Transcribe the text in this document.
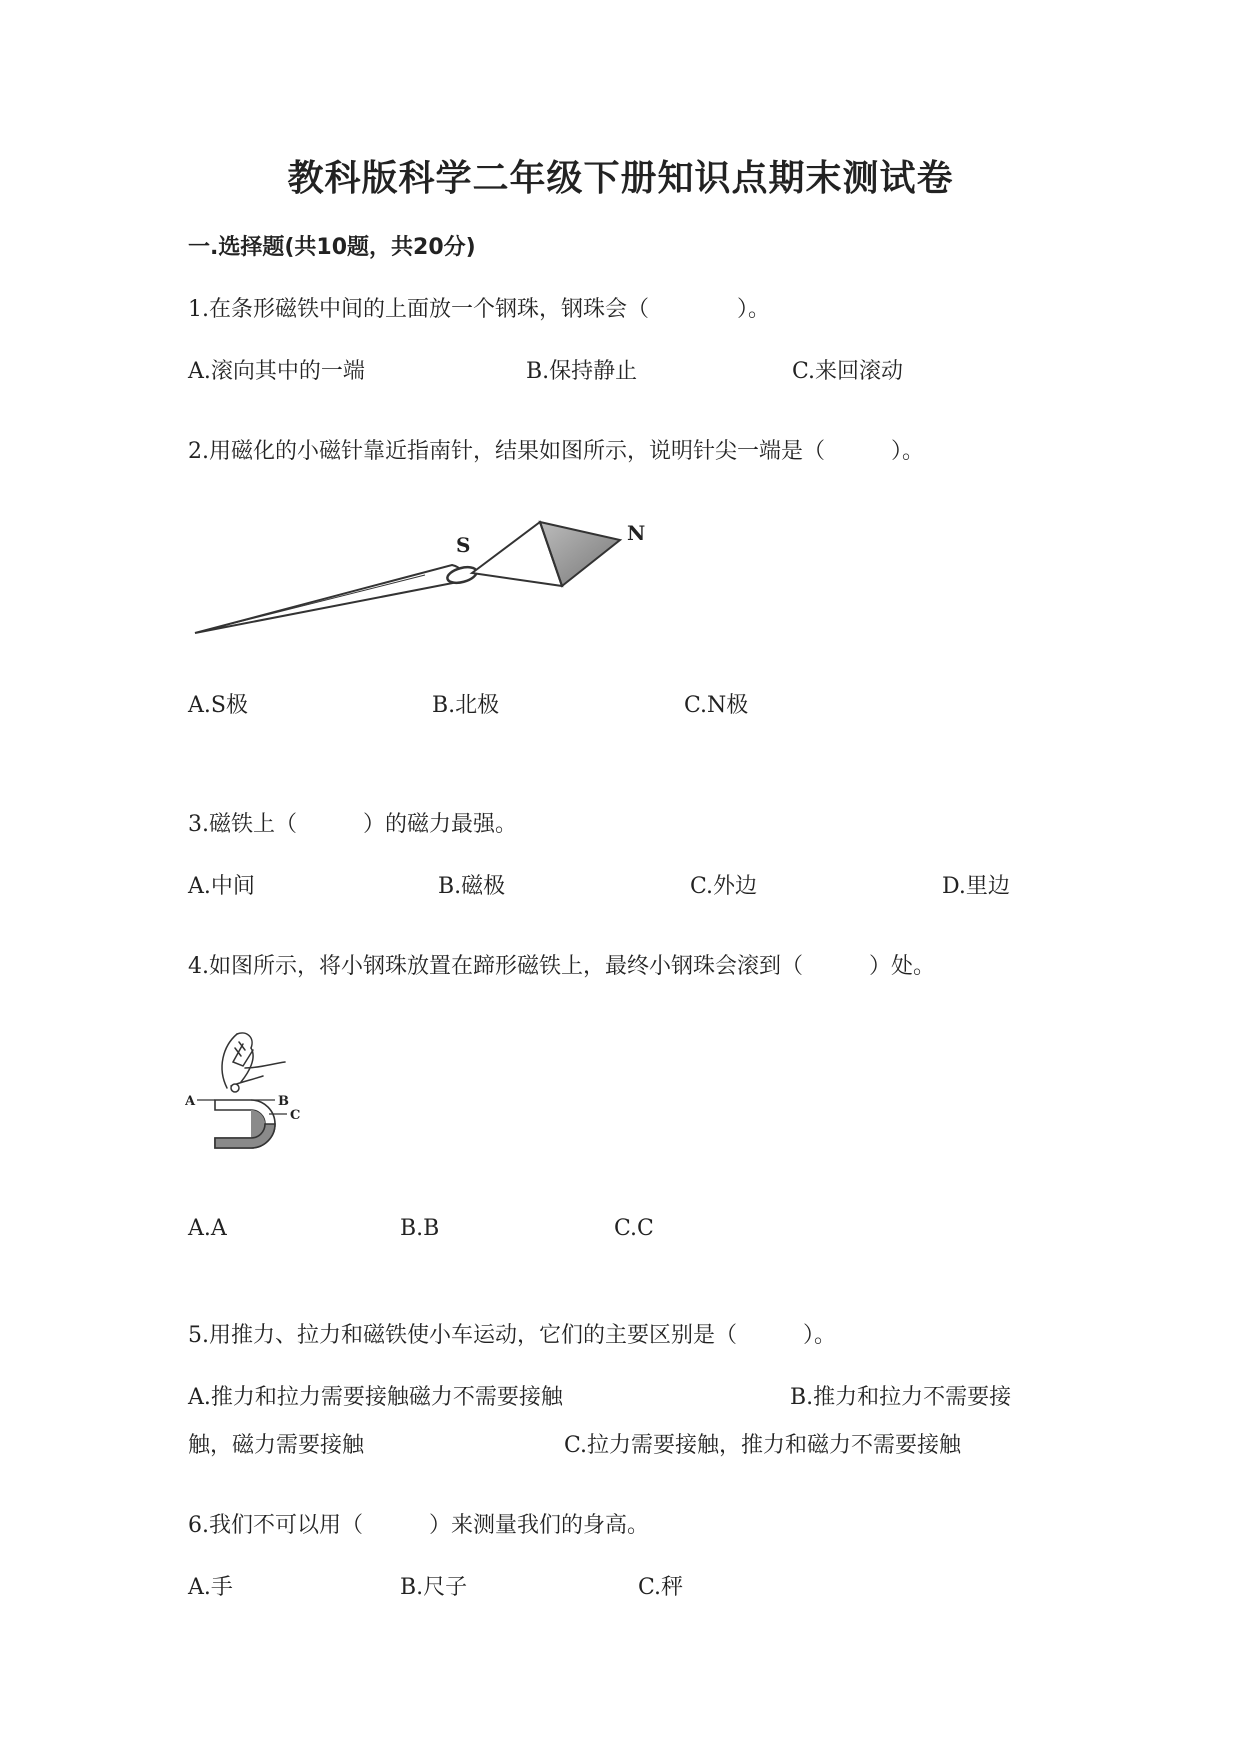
教科版科学二年级下册知识点期末测试卷
一.选择题(共10题，共20分)
1.在条形磁铁中间的上面放一个钢珠，钢珠会（　　　　）。
A.滚向其中的一端	B.保持静止	C.来回滚动
2.用磁化的小磁针靠近指南针，结果如图所示，说明针尖一端是（　　　）。
S	N
A.S极	B.北极	C.N极
3.磁铁上（　　　）的磁力最强。
A.中间	B.磁极	C.外边	D.里边
4.如图所示，将小钢珠放置在蹄形磁铁上，最终小钢珠会滚到（　　　）处。
A	B
C
A.A	B.B	C.C
5.用推力、拉力和磁铁使小车运动，它们的主要区别是（　　　）。
A.推力和拉力需要接触磁力不需要接触	B.推力和拉力不需要接
触，磁力需要接触	C.拉力需要接触，推力和磁力不需要接触
6.我们不可以用（　　　）来测量我们的身高。
A.手	B.尺子	C.秤
